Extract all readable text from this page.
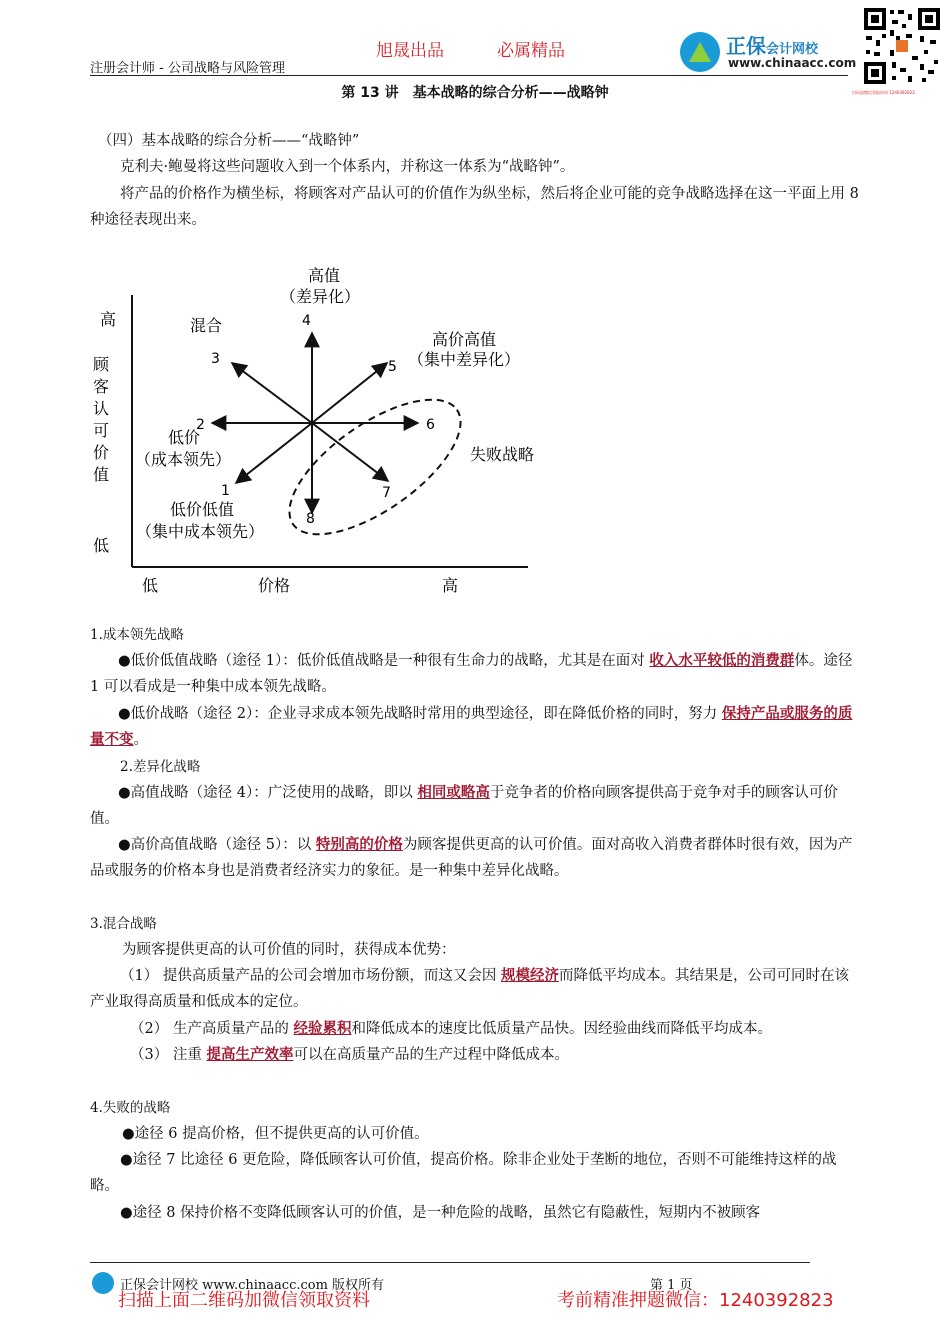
注册会计师 - 公司战略与风险管理
旭晟出品	必属精品	正保会计网校
www.chinaacc.com
扫码加微信领取资料 1240392823
第 13 讲　基本战略的综合分析——战略钟
（四）基本战略的综合分析——“战略钟”
克利夫·鲍曼将这些问题收入到一个体系内，并称这一体系为“战略钟”。
将产品的价格作为横坐标，将顾客对产品认可的价值作为纵坐标，然后将企业可能的竞争战略选择在这一平面上用 8 种途径表现出来。
高
顾
客
认
可
价
值
低
低	价格	高
高值
（差异化）
混合
高价高值
（集中差异化）
低价
（成本领先）
低价低值
（集中成本领先）
失败战略
1
2
3
4
5
6
7
8
1.成本领先战略
●低价低值战略（途径 1）：低价低值战略是一种很有生命力的战略，尤其是在面对 收入水平较低的消费群体。途径 1 可以看成是一种集中成本领先战略。
●低价战略（途径 2）：企业寻求成本领先战略时常用的典型途径，即在降低价格的同时，努力 保持产品或服务的质量不变。
2.差异化战略
●高值战略（途径 4）：广泛使用的战略，即以 相同或略高于竞争者的价格向顾客提供高于竞争对手的顾客认可价值。
●高价高值战略（途径 5）：以 特别高的价格为顾客提供更高的认可价值。面对高收入消费者群体时很有效，因为产品或服务的价格本身也是消费者经济实力的象征。是一种集中差异化战略。
3.混合战略
为顾客提供更高的认可价值的同时，获得成本优势：
（1） 提供高质量产品的公司会增加市场份额，而这又会因 规模经济而降低平均成本。其结果是，公司可同时在该产业取得高质量和低成本的定位。
（2） 生产高质量产品的 经验累积和降低成本的速度比低质量产品快。因经验曲线而降低平均成本。
（3） 注重 提高生产效率可以在高质量产品的生产过程中降低成本。
4.失败的战略
●途径 6 提高价格，但不提供更高的认可价值。
●途径 7 比途径 6 更危险，降低顾客认可价值，提高价格。除非企业处于垄断的地位，否则不可能维持这样的战略。
●途径 8 保持价格不变降低顾客认可的价值，是一种危险的战略，虽然它有隐蔽性，短期内不被顾客
正保会计网校 www.chinaacc.com 版权所有	第 1 页
扫描上面二维码加微信领取资料	考前精准押题微信：1240392823
